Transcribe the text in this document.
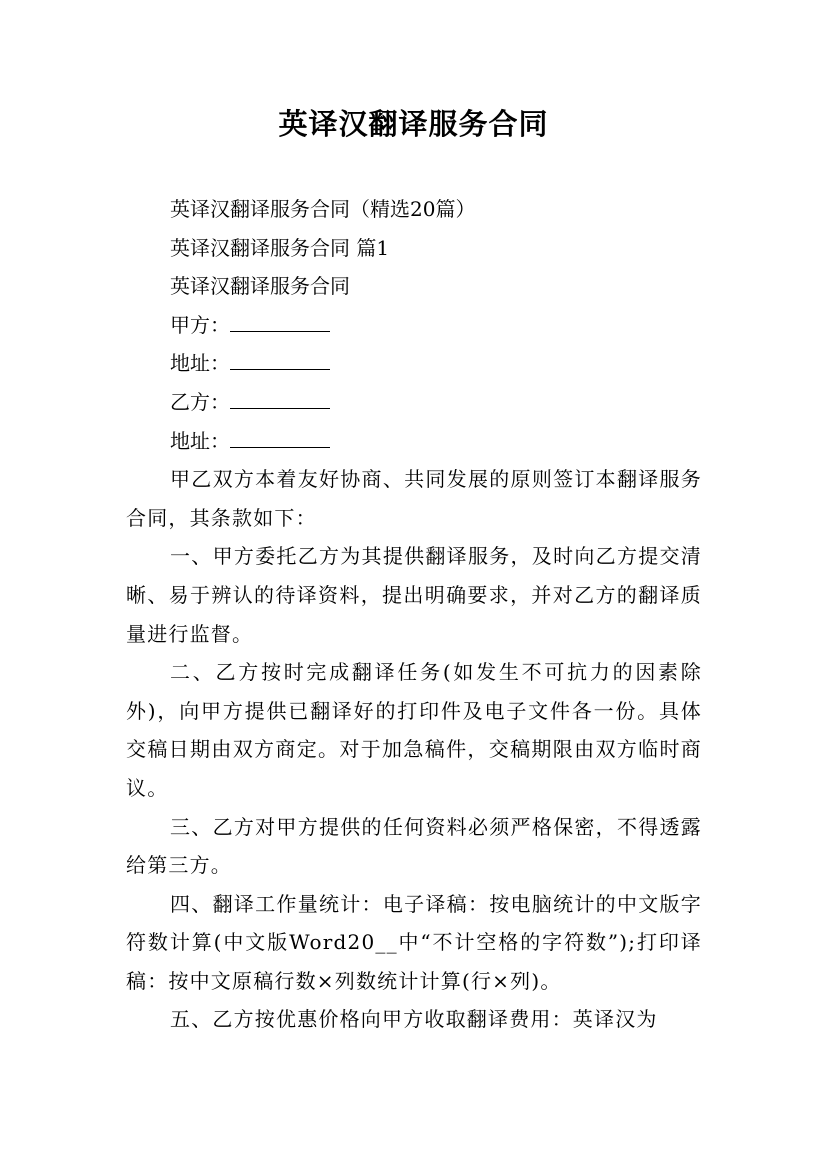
英译汉翻译服务合同

英译汉翻译服务合同（精选20篇）

英译汉翻译服务合同 篇1

英译汉翻译服务合同

甲方：

地址：

乙方：

地址：

甲乙双方本着友好协商、共同发展的原则签订本翻译服务合同，其条款如下：

一、甲方委托乙方为其提供翻译服务，及时向乙方提交清晰、易于辨认的待译资料，提出明确要求，并对乙方的翻译质量进行监督。

二、乙方按时完成翻译任务(如发生不可抗力的因素除外)，向甲方提供已翻译好的打印件及电子文件各一份。具体交稿日期由双方商定。对于加急稿件，交稿期限由双方临时商议。

三、乙方对甲方提供的任何资料必须严格保密，不得透露给第三方。

四、翻译工作量统计：电子译稿：按电脑统计的中文版字符数计算(中文版Word20__中“不计空格的字符数”);打印译稿：按中文原稿行数×列数统计计算(行×列)。

五、乙方按优惠价格向甲方收取翻译费用：英译汉为
